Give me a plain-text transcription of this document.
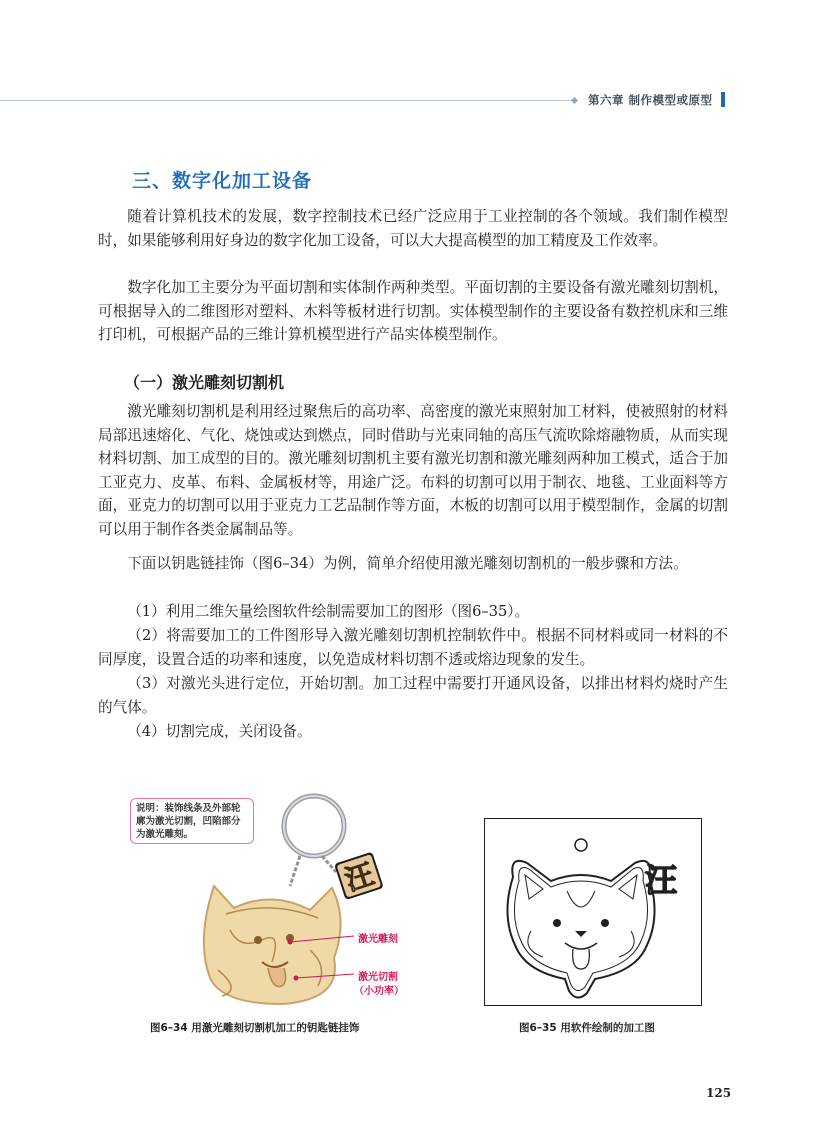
第六章 制作模型或原型
三、数字化加工设备

随着计算机技术的发展，数字控制技术已经广泛应用于工业控制的各个领域。我们制作模型时，如果能够利用好身边的数字化加工设备，可以大大提高模型的加工精度及工作效率。

数字化加工主要分为平面切割和实体制作两种类型。平面切割的主要设备有激光雕刻切割机，可根据导入的二维图形对塑料、木料等板材进行切割。实体模型制作的主要设备有数控机床和三维打印机，可根据产品的三维计算机模型进行产品实体模型制作。

（一）激光雕刻切割机

激光雕刻切割机是利用经过聚焦后的高功率、高密度的激光束照射加工材料，使被照射的材料局部迅速熔化、气化、烧蚀或达到燃点，同时借助与光束同轴的高压气流吹除熔融物质，从而实现材料切割、加工成型的目的。激光雕刻切割机主要有激光切割和激光雕刻两种加工模式，适合于加工亚克力、皮革、布料、金属板材等，用途广泛。布料的切割可以用于制衣、地毯、工业面料等方面，亚克力的切割可以用于亚克力工艺品制作等方面，木板的切割可以用于模型制作，金属的切割可以用于制作各类金属制品等。

下面以钥匙链挂饰（图6–34）为例，简单介绍使用激光雕刻切割机的一般步骤和方法。

（1）利用二维矢量绘图软件绘制需要加工的图形（图6–35）。

（2）将需要加工的工件图形导入激光雕刻切割机控制软件中。根据不同材料或同一材料的不同厚度，设置合适的功率和速度，以免造成材料切割不透或熔边现象的发生。

（3）对激光头进行定位，开始切割。加工过程中需要打开通风设备，以排出材料灼烧时产生的气体。

（4）切割完成，关闭设备。

汪
说明：装饰线条及外部轮廓为激光切割，凹陷部分为激光雕刻。
激光雕刻
激光切割
（小功率）
汪
图6–34 用激光雕刻切割机加工的钥匙链挂饰	图6–35 用软件绘制的加工图
125
